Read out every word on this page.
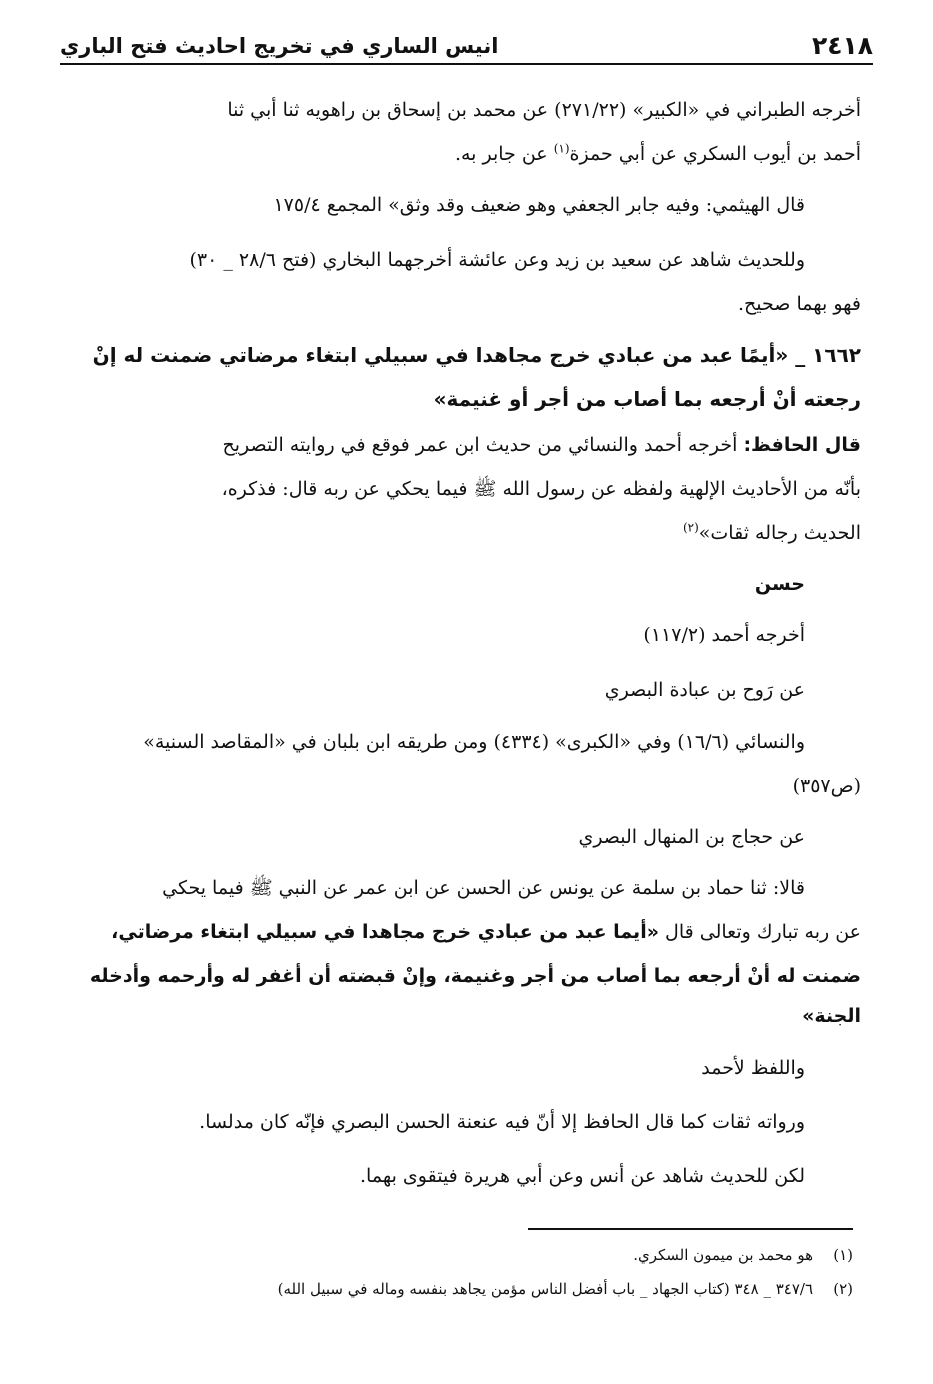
٢٤١٨
انيس الساري في تخريج احاديث فتح الباري
أخرجه الطبراني في «الكبير» (٢٧١/٢٢) عن محمد بن إسحاق بن راهويه ثنا أبي ثنا
أحمد بن أيوب السكري عن أبي حمزة$^{(١)}$ عن جابر به.
قال الهيثمي: وفيه جابر الجعفي وهو ضعيف وقد وثق» المجمع ١٧٥/٤
وللحديث شاهد عن سعيد بن زيد وعن عائشة أخرجهما البخاري (فتح ٢٨/٦ _ ٣٠)
فهو بهما صحيح.
١٦٦٢ _ «أيمًا عبد من عبادي خرج مجاهدا في سبيلي ابتغاء مرضاتي ضمنت له إنْ
رجعته أنْ أرجعه بما أصاب من أجر أو غنيمة»
قال الحافظ: أخرجه أحمد والنسائي من حديث ابن عمر فوقع في روايته التصريح
بأنّه من الأحاديث الإلهية ولفظه عن رسول الله ﷺ فيما يحكي عن ربه قال: فذكره،
الحديث رجاله ثقات»$^{(٢)}$
حسن
أخرجه أحمد (١١٧/٢)
عن رَوح بن عبادة البصري
والنسائي (١٦/٦) وفي «الكبرى» (٤٣٣٤) ومن طريقه ابن بلبان في «المقاصد السنية»
(ص٣٥٧)
عن حجاج بن المنهال البصري
قالا: ثنا حماد بن سلمة عن يونس عن الحسن عن ابن عمر عن النبي ﷺ فيما يحكي
عن ربه تبارك وتعالى قال «أيما عبد من عبادي خرج مجاهدا في سبيلي ابتغاء مرضاتي،
ضمنت له أنْ أرجعه بما أصاب من أجر وغنيمة، وإنْ قبضته أن أغفر له وأرحمه وأدخله
الجنة»
واللفظ لأحمد
ورواته ثقات كما قال الحافظ إلا أنّ فيه عنعنة الحسن البصري فإنّه كان مدلسا.
لكن للحديث شاهد عن أنس وعن أبي هريرة فيتقوى بهما.
(١)هو محمد بن ميمون السكري.
(٢)٣٤٧/٦ _ ٣٤٨ (كتاب الجهاد _ باب أفضل الناس مؤمن يجاهد بنفسه وماله في سبيل الله)
